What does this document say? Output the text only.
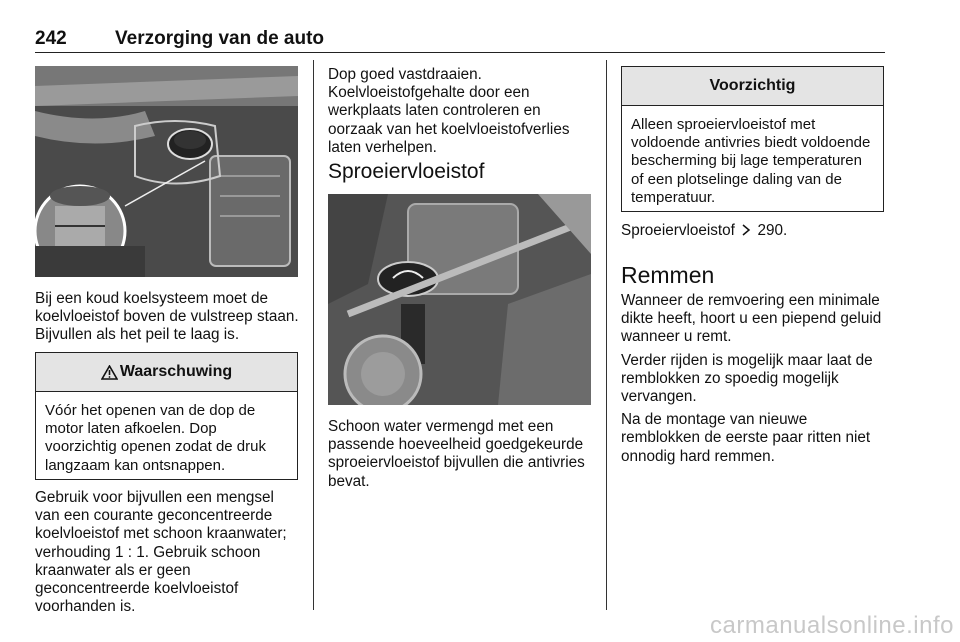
242	Verzorging van de auto

Bij een koud koelsysteem moet de koelvloeistof boven de vulstreep staan. Bijvullen als het peil te laag is.

Waarschuwing

Vóór het openen van de dop de motor laten afkoelen. Dop voorzichtig openen zodat de druk langzaam kan ontsnappen.

Gebruik voor bijvullen een mengsel van een courante geconcentreerde koelvloeistof met schoon kraanwater; verhouding 1 : 1. Gebruik schoon kraanwater als er geen geconcentreerde koelvloeistof voorhanden is.

Dop goed vastdraaien. Koelvloeistofgehalte door een werkplaats laten controleren en oorzaak van het koelvloeistofverlies laten verhelpen.

Sproeiervloeistof

Schoon water vermengd met een passende hoeveelheid goedgekeurde sproeiervloeistof bijvullen die antivries bevat.

Voorzichtig

Alleen sproeiervloeistof met voldoende antivries biedt voldoende bescherming bij lage temperaturen of een plotselinge daling van de temperatuur.

Sproeiervloeistof 290.

Remmen

Wanneer de remvoering een minimale dikte heeft, hoort u een piepend geluid wanneer u remt.

Verder rijden is mogelijk maar laat de remblokken zo spoedig mogelijk vervangen.

Na de montage van nieuwe remblokken de eerste paar ritten niet onnodig hard remmen.

carmanualsonline.info
